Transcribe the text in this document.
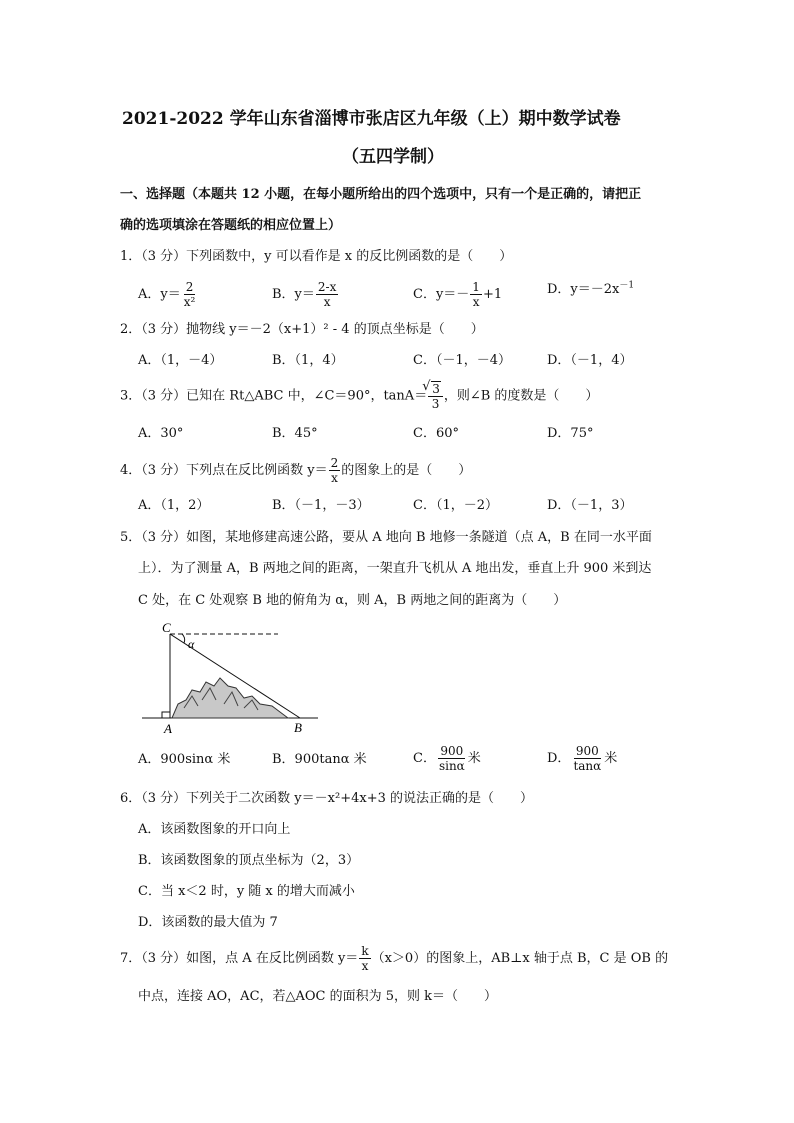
2021-2022 学年山东省淄博市张店区九年级（上）期中数学试卷
（五四学制）
一、选择题（本题共 12 小题，在每小题所给出的四个选项中，只有一个是正确的，请把正
确的选项填涂在答题纸的相应位置上）
1．（3 分）下列函数中，y 可以看作是 x 的反比例函数的是（　　）
A．$y= \frac{2}{\text{x²}}$	B．$y= \frac{2-x}{x}$	C．$y=- \frac{1}{x} +1$	D．$y=-2x^{-1}$
2．（3 分）抛物线 y＝－2（x+1）² - 4 的顶点坐标是（　　）
A．（1，－4）	B．（1，4）	C．（－1，－4）	D．（－1，4）
3．（3 分）已知在 Rt△ABC 中，∠C＝90°，tanA＝
√ $\frac{3}{3}$ ，则∠B 的度数是（　　）
A．30°	B．45°	C．60°	D．75°
4．（3 分）下列点在反比例函数 $y= \frac{2}{x}$ 的图象上的是（　　）
A．（1，2）	B．（－1，－3）	C．（1，－2）	D．（－1，3）
5．（3 分）如图，某地修建高速公路，要从 A 地向 B 地修一条隧道（点 A，B 在同一水平面
上）．为了测量 A，B 两地之间的距离，一架直升飞机从 A 地出发，垂直上升 900 米到达
C 处，在 C 处观察 B 地的俯角为 α，则 A，B 两地之间的距离为（　　）
C
α
A	B
A．900sinα 米	B．900tanα 米	C． $\frac{900}{\sin\alpha}$ 米	D． $\frac{900}{\tan\alpha}$ 米
6．（3 分）下列关于二次函数 y＝－x²+4x+3 的说法正确的是（　　）
A．该函数图象的开口向上
B．该函数图象的顶点坐标为（2，3）
C．当 x＜2 时，y 随 x 的增大而减小
D．该函数的最大值为 7
7．（3 分）如图，点 A 在反比例函数 $y= \frac{k}{x} (x>0)$的图象上，AB⊥x 轴于点 B，C 是 OB 的
中点，连接 AO，AC，若△AOC 的面积为 5，则 k＝（　　）
